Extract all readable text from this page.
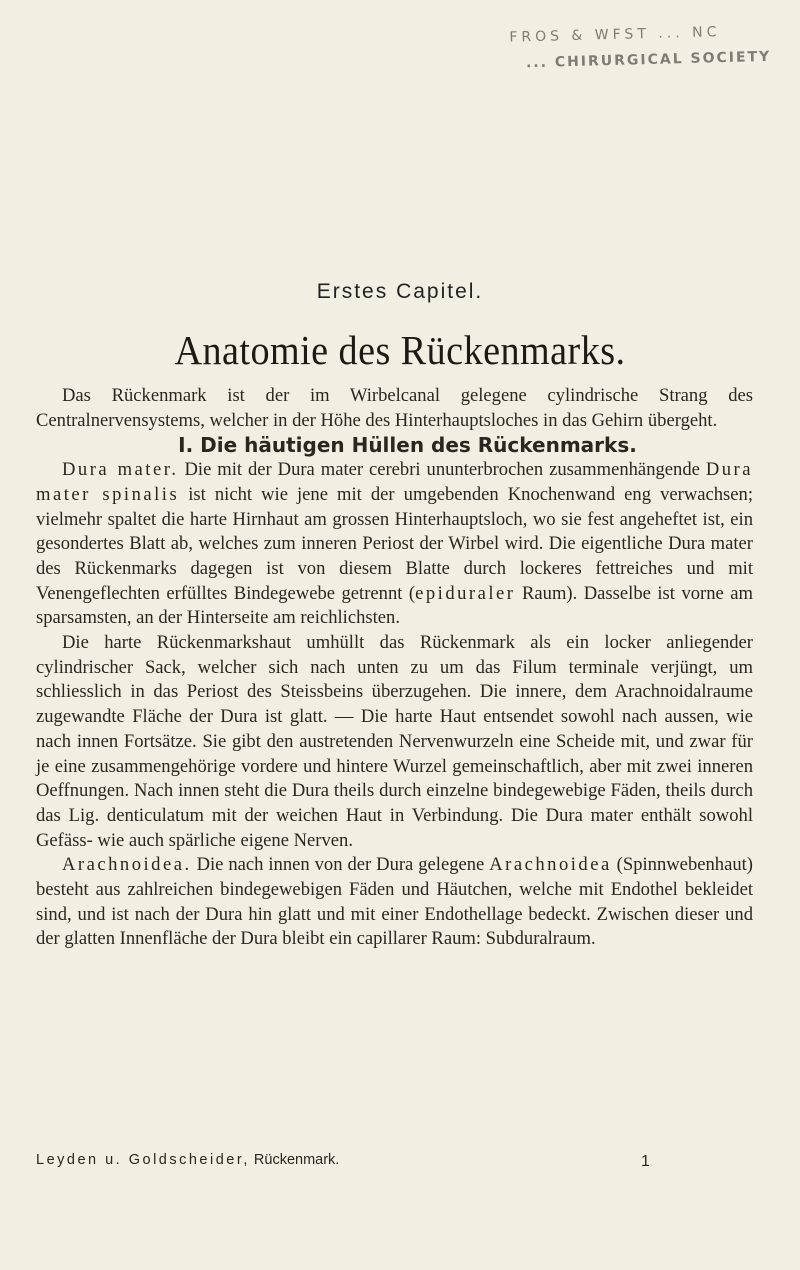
FROS & WFST ... NC
... CHIRURGICAL SOCIETY
Erstes Capitel.
Anatomie des Rückenmarks.

Das Rückenmark ist der im Wirbelcanal gelegene cylindrische Strang des Centralnervensystems, welcher in der Höhe des Hinterhauptsloches in das Gehirn übergeht.

I. Die häutigen Hüllen des Rückenmarks.

Dura mater. Die mit der Dura mater cerebri ununterbrochen zusammenhängende Dura mater spinalis ist nicht wie jene mit der umgebenden Knochenwand eng verwachsen; vielmehr spaltet die harte Hirnhaut am grossen Hinterhauptsloch, wo sie fest angeheftet ist, ein gesondertes Blatt ab, welches zum inneren Periost der Wirbel wird. Die eigentliche Dura mater des Rückenmarks dagegen ist von diesem Blatte durch lockeres fettreiches und mit Venengeflechten erfülltes Bindegewebe getrennt (epiduraler Raum). Dasselbe ist vorne am sparsamsten, an der Hinterseite am reichlichsten.

Die harte Rückenmarkshaut umhüllt das Rückenmark als ein locker anliegender cylindrischer Sack, welcher sich nach unten zu um das Filum terminale verjüngt, um schliesslich in das Periost des Steissbeins überzugehen. Die innere, dem Arachnoidalraume zugewandte Fläche der Dura ist glatt. — Die harte Haut entsendet sowohl nach aussen, wie nach innen Fortsätze. Sie gibt den austretenden Nervenwurzeln eine Scheide mit, und zwar für je eine zusammengehörige vordere und hintere Wurzel gemeinschaftlich, aber mit zwei inneren Oeffnungen. Nach innen steht die Dura theils durch einzelne bindegewebige Fäden, theils durch das Lig. denticulatum mit der weichen Haut in Verbindung. Die Dura mater enthält sowohl Gefäss- wie auch spärliche eigene Nerven.

Arachnoidea. Die nach innen von der Dura gelegene Arachnoidea (Spinnwebenhaut) besteht aus zahlreichen bindegewebigen Fäden und Häutchen, welche mit Endothel bekleidet sind, und ist nach der Dura hin glatt und mit einer Endothellage bedeckt. Zwischen dieser und der glatten Innenfläche der Dura bleibt ein capillarer Raum: Subduralraum.

Leyden u. Goldscheider, Rückenmark.	1
